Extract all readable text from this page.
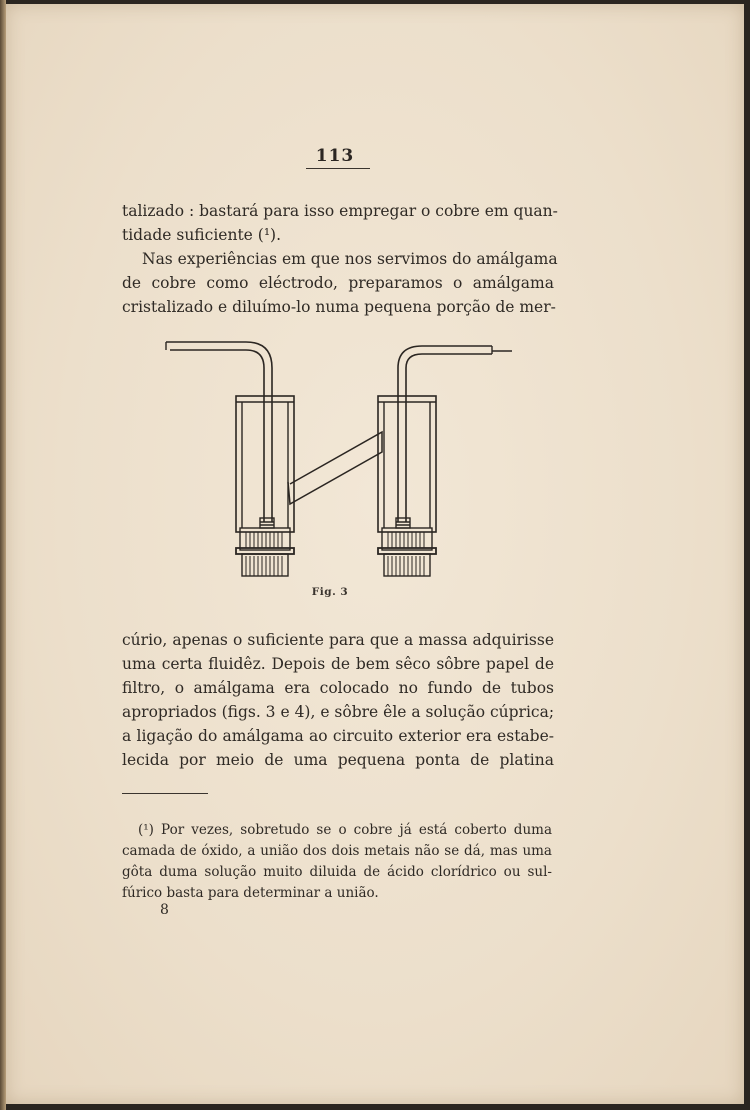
113
talizado : bastará para isso empregar o cobre em quan-
tidade suficiente (¹).
Nas experiências em que nos servimos do amálgama
de cobre como eléctrodo, preparamos o amálgama
cristalizado e diluímo-lo numa pequena porção de mer-
Fig. 3
cúrio, apenas o suficiente para que a massa adquirisse
uma certa fluidêz. Depois de bem sêco sôbre papel de
filtro, o amálgama era colocado no fundo de tubos
apropriados (figs. 3 e 4), e sôbre êle a solução cúprica;
a ligação do amálgama ao circuito exterior era estabe-
lecida por meio de uma pequena ponta de platina
(¹) Por vezes, sobretudo se o cobre já está coberto duma
camada de óxido, a união dos dois metais não se dá, mas uma
gôta duma solução muito diluida de ácido clorídrico ou sul-
fúrico basta para determinar a união.
8
